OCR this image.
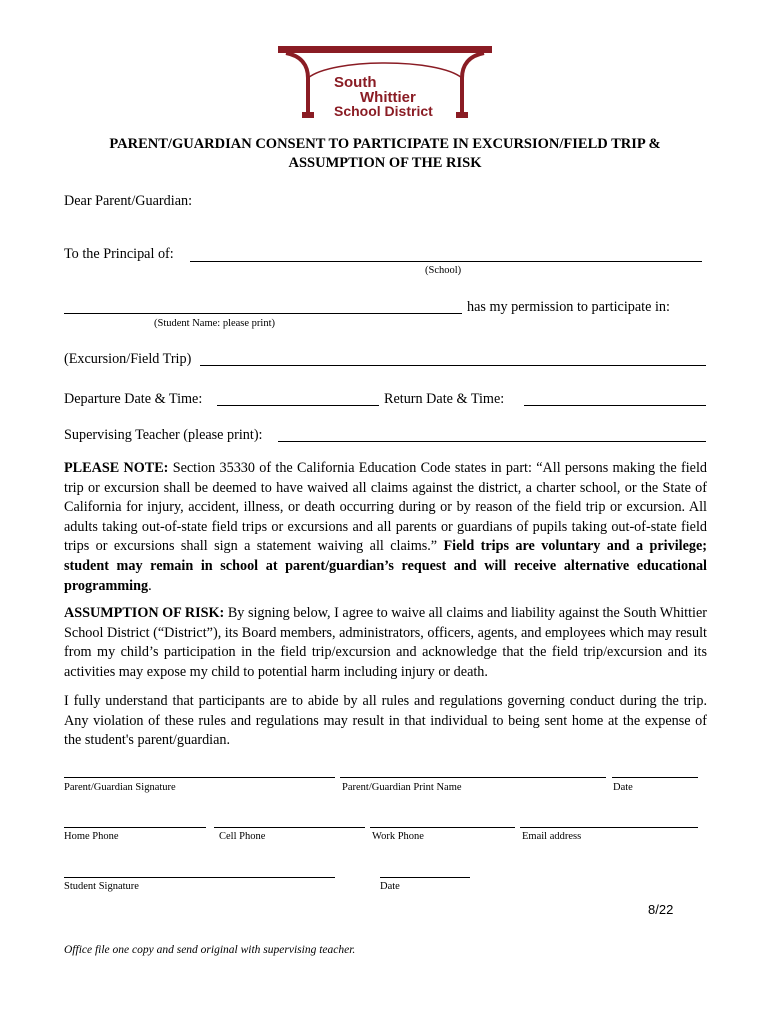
South
Whittier
School District
PARENT/GUARDIAN CONSENT TO PARTICIPATE IN EXCURSION/FIELD TRIP &
ASSUMPTION OF THE RISK
Dear Parent/Guardian:
To the Principal of:
(School)
has my permission to participate in:
(Student Name: please print)
(Excursion/Field Trip)
Departure Date & Time:	Return Date & Time:
Supervising Teacher (please print):
PLEASE NOTE: Section 35330 of the California Education Code states in part: “All persons making the field trip or excursion shall be deemed to have waived all claims against the district, a charter school, or the State of California for injury, accident, illness, or death occurring during or by reason of the field trip or excursion. All adults taking out-of-state field trips or excursions and all parents or guardians of pupils taking out-of-state field trips or excursions shall sign a statement waiving all claims.” Field trips are voluntary and a privilege; student may remain in school at parent/guardian’s request and will receive alternative educational programming.
ASSUMPTION OF RISK: By signing below, I agree to waive all claims and liability against the South Whittier School District (“District”), its Board members, administrators, officers, agents, and employees which may result from my child’s participation in the field trip/excursion and acknowledge that the field trip/excursion and its activities may expose my child to potential harm including injury or death.
I fully understand that participants are to abide by all rules and regulations governing conduct during the trip. Any violation of these rules and regulations may result in that individual to being sent home at the expense of the student's parent/guardian.
Parent/Guardian Signature	Parent/Guardian Print Name	Date
Home Phone	Cell Phone	Work Phone	Email address
Student Signature	Date
8/22
Office file one copy and send original with supervising teacher.
